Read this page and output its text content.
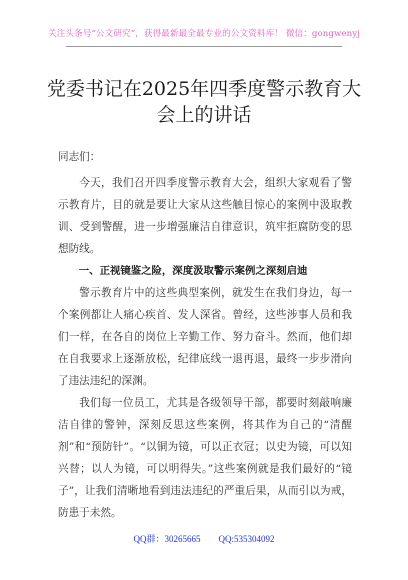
关注头条号“公文研究”，获得最新最全最专业的公文资料库！ 微信：gongwenyj
党委书记在2025年四季度警示教育大
会上的讲话

同志们：

今天，我们召开四季度警示教育大会，组织大家观看了警示教育片，目的就是要让大家从这些触目惊心的案例中汲取教训、受到警醒，进一步增强廉洁自律意识，筑牢拒腐防变的思想防线。

一、正视镜鉴之险，深度汲取警示案例之深刻启迪

警示教育片中的这些典型案例，就发生在我们身边，每一个案例都让人痛心疾首、发人深省。曾经，这些涉事人员和我们一样，在各自的岗位上辛勤工作、努力奋斗。然而，他们却在自我要求上逐渐放松，纪律底线一退再退，最终一步步滑向了违法违纪的深渊。

我们每一位员工，尤其是各级领导干部，都要时刻敲响廉洁自律的警钟，深刻反思这些案例，将其作为自己的“清醒剂”和“预防针”。“以铜为镜，可以正衣冠；以史为镜，可以知兴替；以人为镜，可以明得失。”这些案例就是我们最好的“镜子”，让我们清晰地看到违法违纪的严重后果，从而引以为戒，防患于未然。

QQ群：30265665 QQ:535304092
